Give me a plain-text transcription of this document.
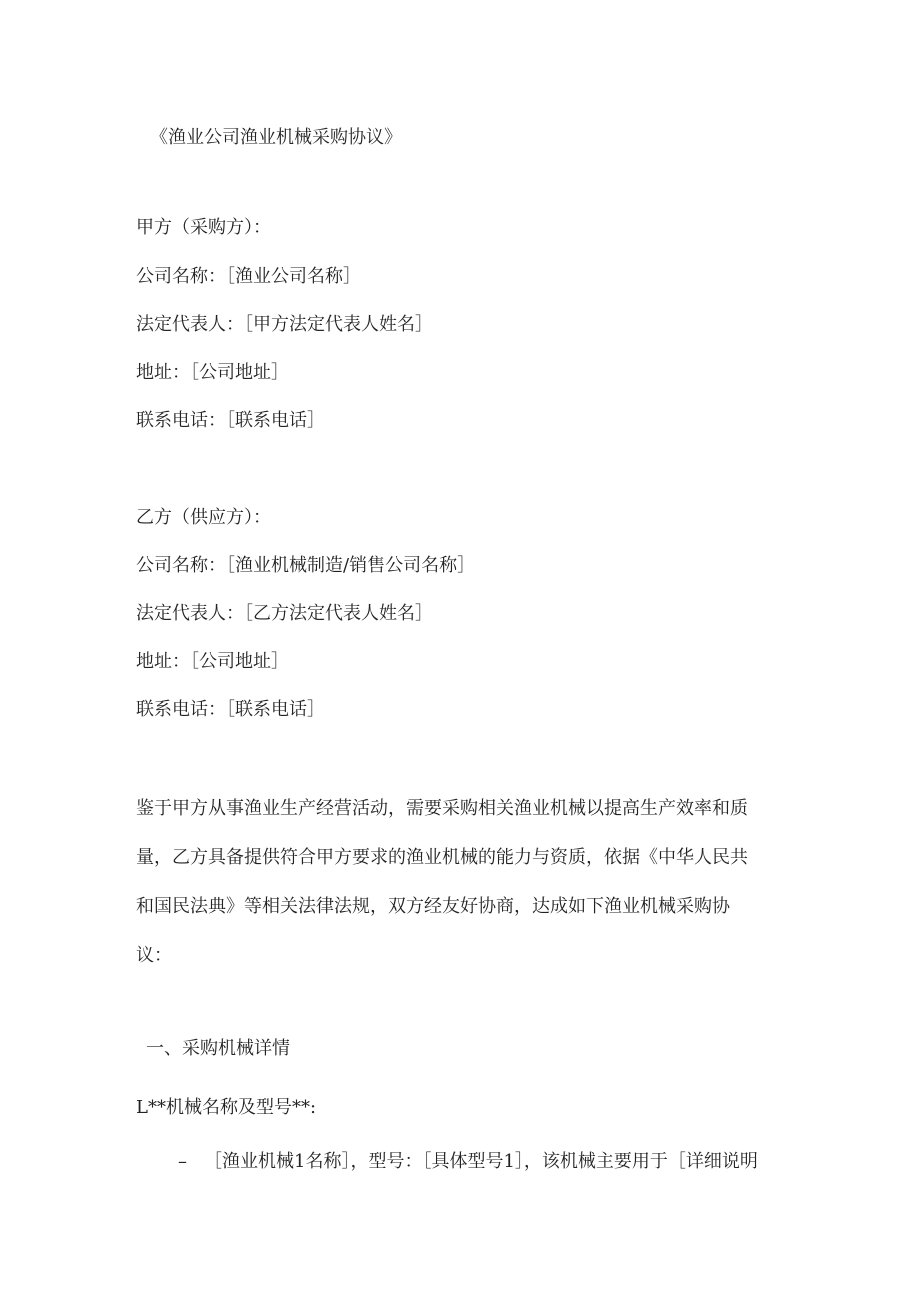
《渔业公司渔业机械采购协议》
甲方（采购方）：
公司名称：［渔业公司名称］
法定代表人：［甲方法定代表人姓名］
地址：［公司地址］
联系电话：［联系电话］
乙方（供应方）：
公司名称：［渔业机械制造/销售公司名称］
法定代表人：［乙方法定代表人姓名］
地址：［公司地址］
联系电话：［联系电话］
鉴于甲方从事渔业生产经营活动，需要采购相关渔业机械以提高生产效率和质
量，乙方具备提供符合甲方要求的渔业机械的能力与资质，依据《中华人民共
和国民法典》等相关法律法规，双方经友好协商，达成如下渔业机械采购协
议：
一、采购机械详情
L**机械名称及型号**:
– ［渔业机械1名称］，型号：［具体型号1］，该机械主要用于［详细说明
